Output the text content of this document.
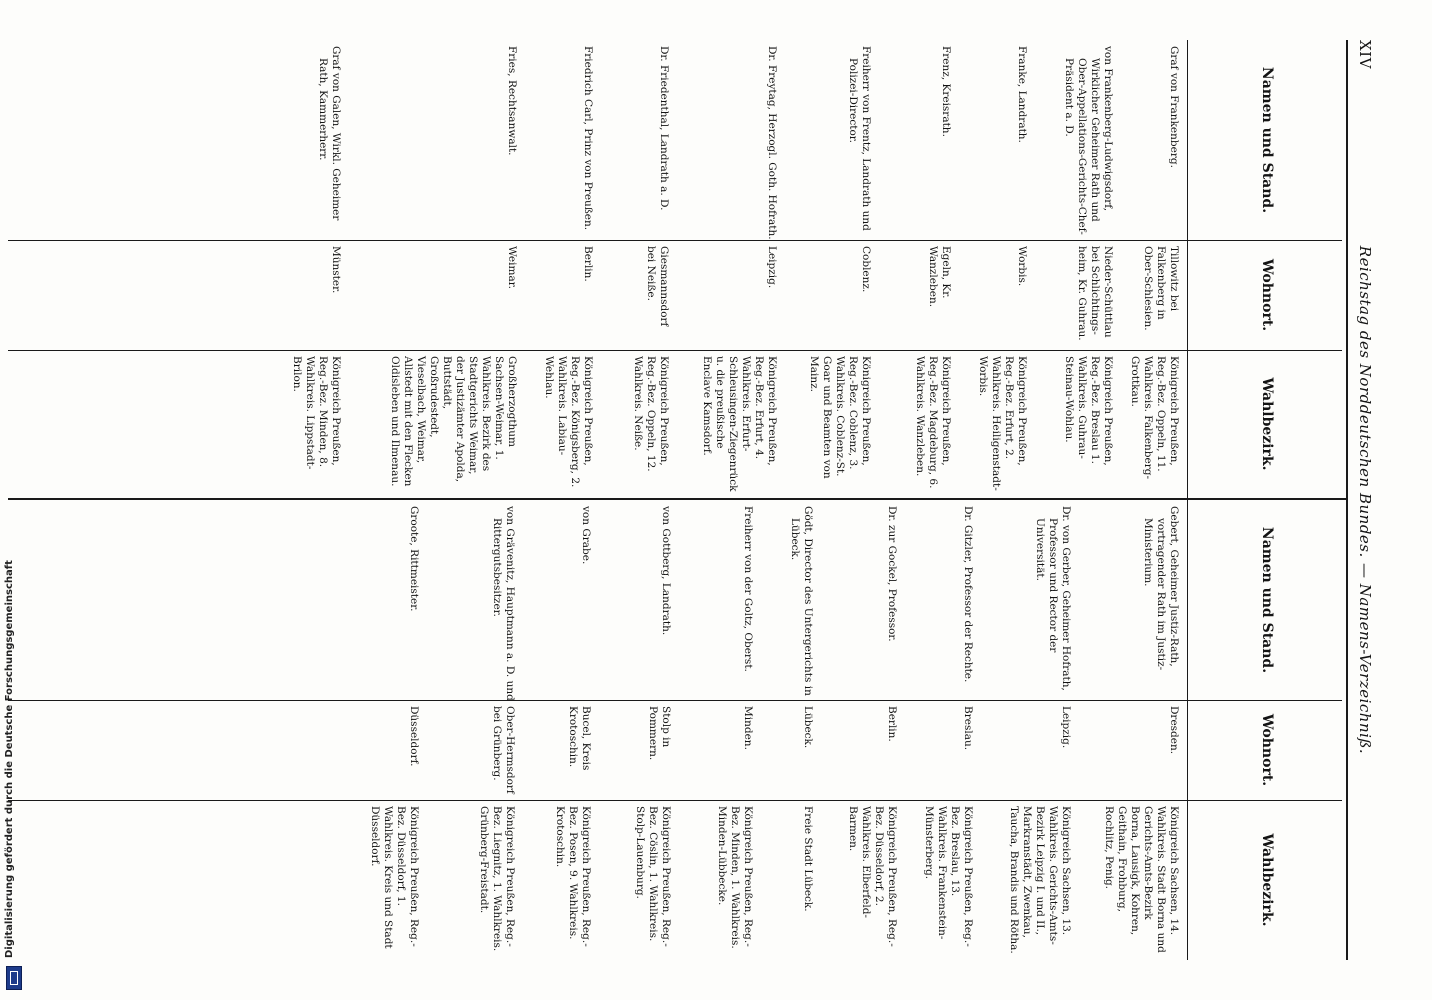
XIV
Reichstag des Norddeutschen Bundes. — Namens-Verzeichniß.
Namen und Stand.
Wohnort.
Wahlbezirk.
Namen und Stand.
Wohnort.
Wahlbezirk.
Graf von Frankenberg.
Tillowitz bei Falkenberg in Ober-Schlesien.
Königreich Preußen, Reg.-Bez. Oppeln, 11. Wahlkreis. Falkenberg-Grottkau.
von Frankenberg-Ludwigsdorf, Wirklicher Geheimer Rath und Ober-Appellations-Gerichts-Chef-Präsident a. D.
Nieder-Schüttlau bei Schlichtings-heim, Kr. Guhrau.
Königreich Preußen, Reg.-Bez. Breslau 1. Wahlkreis. Guhrau-Steinau-Wohlau.
Franke, Landrath.
Worbis.
Königreich Preußen, Reg.-Bez. Erfurt, 2. Wahlkreis. Heiligenstadt-Worbis.
Frenz, Kreisrath.
Egeln, Kr. Wanzleben.
Königreich Preußen, Reg.-Bez. Magdeburg, 6. Wahlkreis. Wanzleben.
Freiherr von Frentz, Landrath und Polizei-Director.
Coblenz.
Königreich Preußen, Reg.-Bez. Coblenz, 3. Wahlkreis. Coblenz-St. Goar und Beamten von Mainz.
Dr. Freytag, Herzogl. Goth. Hofrath.
Leipzig.
Königreich Preußen, Reg.-Bez. Erfurt, 4. Wahlkreis. Erfurt-Schleusingen-Ziegenrück u. die preußische Enclave Kamsdorf.
Dr. Friedenthal, Landrath a. D.
Giesmannsdorf bei Neiße.
Königreich Preußen, Reg.-Bez. Oppeln, 12. Wahlkreis. Neiße.
Friedrich Carl, Prinz von Preußen.
Berlin.
Königreich Preußen, Reg.-Bez. Königsberg, 2. Wahlkreis. Labiau-Wehlau.
Fries, Rechtsanwalt.
Weimar.
Großherzogthum Sachsen-Weimar, 1. Wahlkreis. Bezirk des Stadtgerichts Weimar, der Justizämter Apolda, Buttstädt, Großrudestedt, Vieselbach, Weimar, Allstedt mit den Flecken Oldisleben und Ilmenau.
Graf von Galen, Wirkl. Geheimer Rath, Kammerherr.
Münster.
Königreich Preußen, Reg.-Bez. Minden, 8. Wahlkreis. Lippstadt-Brilon.
Gebert, Geheimer Justiz-Rath, vortragender Rath im Justiz-Ministerium.
Dresden.
Königreich Sachsen, 14. Wahlkreis. Stadt Borna und Gerichts-Amts-Bezirk Borna, Lausigk, Kohren, Geithain, Frohburg, Rochlitz, Penig.
Dr. von Gerber, Geheimer Hofrath, Professor und Rector der Universität.
Leipzig.
Königreich Sachsen, 13. Wahlkreis. Gerichts-Amts-Bezirk Leipzig I. und II., Markranstädt, Zwenkau, Taucha, Brandis und Rötha.
Dr. Gitzler, Professor der Rechte.
Breslau.
Königreich Preußen, Reg.-Bez. Breslau, 13. Wahlkreis. Frankenstein-Münsterberg.
Dr. zur Gockel, Professor.
Berlin.
Königreich Preußen, Reg.-Bez. Düsseldorf, 2. Wahlkreis. Elberfeld-Barmen.
Gödt, Director des Untergerichts in Lübeck.
Lübeck.
Freie Stadt Lübeck.
Freiherr von der Goltz, Oberst.
Minden.
Königreich Preußen, Reg.-Bez. Minden, 1. Wahlkreis. Minden-Lübbecke.
von Gottberg, Landrath.
Stolp in Pommern.
Königreich Preußen, Reg.-Bez. Cöslin, 1. Wahlkreis. Stolp-Lauenburg.
von Grabe.
Bucel, Kreis Krotoschin.
Königreich Preußen, Reg.-Bez. Posen, 9. Wahlkreis. Krotoschin.
von Grävenitz, Hauptmann a. D. und Rittergutsbesitzer.
Ober-Hermsdorf bei Grünberg.
Königreich Preußen, Reg.-Bez. Liegnitz, 1. Wahlkreis. Grünberg-Freistadt.
Groote, Rittmeister.
Düsseldorf.
Königreich Preußen, Reg.-Bez. Düsseldorf, 1. Wahlkreis. Kreis und Stadt Düsseldorf.
Digitalisierung gefördert durch die Deutsche Forschungsgemeinschaft
